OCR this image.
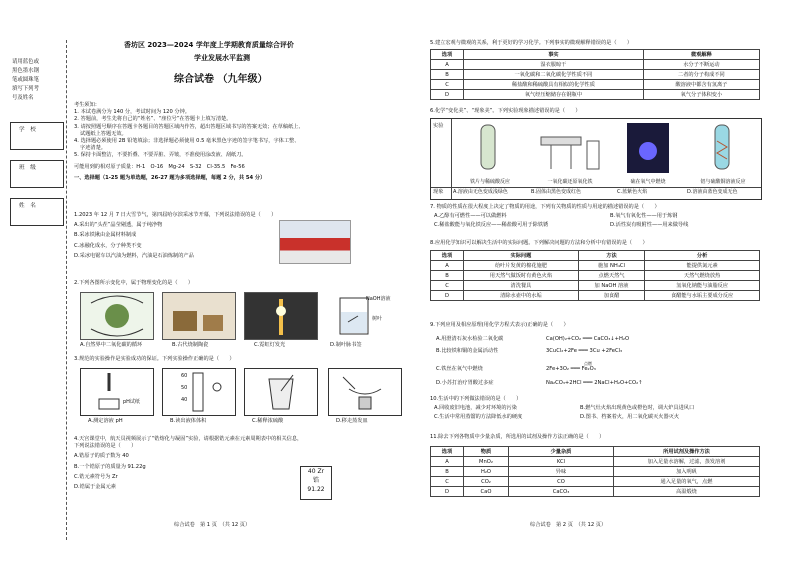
请用蓝色或
黑色墨水钢
笔或圆珠笔
填写下列考
号及姓名
学　校
班　级
姓　名
香坊区 2023—2024 学年度上学期教育质量综合评价
学业发展水平监测
综合试卷 （九年级）
考生须知：
1. 本试卷满分为 140 分，考试时间为 120 分钟。
2. 答题前，考生先将自己的“姓名”、“座位号”在答题卡上填写清楚。
3. 请按照题号顺序在答题卡各题目的答题区域内作答，超出答题区域书写的答案无效；在草稿纸上、
试题纸上答题无效。
4. 选择题必须使用 2B 铅笔填涂；非选择题必须使用 0.5 毫米黑色字迹的签字笔书写，字体工整、
字迹清楚。
5. 保持卡面整洁，不要折叠、不要弄脏、弄皱，不准使用涂改液、刮纸刀。
可能用到的相对原子质量：H-1　O-16　Mg-24　S-32　Cl-35.5　Fe-56
一、选择题（1-25 题为单选题，26-27 题为多项选择题，每题 2 分，共 54 分）
1.2023 年 12 月 7 日大雪节气，第四届哈尔滨采冰节开幕，下列说法错误的是（　　）
A.采出的“头茬”晶莹剔透，属于纯净物
B.采冰铁锹由金属材料制成
C.冰融化成水，分子种类不变
D.采冰电锯车以汽油为燃料，汽油是石油炼制的产品
2.下列各图所示变化中，属于物理变化的是（　　）
NaOH溶液
树叶
A.自然界中二氧化碳的循环	B.古代烧制陶瓷	C.霓虹灯发光	D.制叶脉书签
3.规范的实验操作是实验成功的保证。下列实验操作正确的是（　　）
pH试纸
60
50
40
A.测定溶液 pH	B.读出液体体积	C.稀释浓硫酸	D.移走蒸发皿
4.天宫课堂中，航天员视频展示了“锆熔化与凝固”实验，请根据锆元素在元素周期表中的相关信息，
下列说法错误的是（　　）
A.锆原子的质子数为 40
B.一个锆原子的质量为 91.22g
C.锆元素符号为 Zr
D.锆属于金属元素
40 Zr
锆
91.22
综合试卷　第 1 页　（共 12 页）
5.建立宏观与微观的关系，利于更好的学习化学。下列事实的微观解释错误的是（　　）
选项	事实	微观解释
A	湿衣服晾干	水分子不断运动
B	一氧化碳和二氧化碳化学性质不同	二者的分子构成不同
C	稀盐酸和稀硫酸具有相似的化学性质	酸溶液中都含有氢离子
D	氧气经压缩储存在钢瓶中	氧气分子体积变小
6.化学“变化美”、“现象美”。下列实验现象描述错误的是（　　）
实验
现象
铁片与稀硫酸反应	一氧化碳还原氧化铁	硫在氧气中燃烧	铝与硫酸铜溶液反应
A.溶液由无色变成浅绿色	B.固体由黑色变成红色	C.蓝紫色火焰	D.溶液由蓝色变成无色
7. 物质的性质在很大程度上决定了物质的用途，下列有关物质的性质与用途的描述错误的是（　　）
A.乙醇有可燃性——可以做燃料	B.氧气有氧化性——用于炼钢
C.稀盐酸能与氧化铁反应——稀盐酸可用于除铁锈	D.活性炭有吸附性——用来做导线
8.应用化学知识可以解决生活中的实际问题。下列解决问题的方法和分析中有错误的是（　　）
选项	实际问题	方法	分析
A	给叶片发黄的棉花施肥	施加 NH₄Cl	能提供氮元素
B	用天然气做饭时有黄色火焰	点燃天然气	天然气燃烧放热
C	清洗餐具	加 NaOH 溶液	氢氧化钠能与油脂反应
D	清除水壶中的水垢	加食醋	食醋能与水垢主要成分反应
9.下列应用及相应原理(用化学方程式表示)正确的是（　　）
A.用澄清石灰水检验二氧化碳	Ca(OH)₂+CO₂ ═══ CaCO₃↓+H₂O
B.比较铁和铜的金属活动性	3CuCl₂+2Fe ═══ 3Cu +2FeCl₃
点燃
C.铁丝在氧气中燃烧	2Fe+3O₂ ═══ Fe₂O₃
D.小苏打治疗胃酸过多症	Na₂CO₃+2HCl ═══ 2NaCl+H₂O+CO₂↑
10.生活中的下列做法错误的是（　　）
A.回收废旧电池，减少对环境的污染	B.燃气灶火焰出现黄色或橙色时，调大炉具进风口
C.生活中常用蒸馏的方法降低水的硬度	D.图书、档案着火，用二氧化碳灭火器灭火
11.除去下列各物质中少量杂质，所选用的试剂及操作方法正确的是（　　）
选项	物质	少量杂质	所用试剂及操作方法
A	MnO₂	KCl	加入足量水溶解，过滤，蒸发溶剂
B	H₂O	异味	加入明矾
C	CO₂	CO	通入足量的氧气，点燃
D	CaO	CaCO₃	高温煅烧
综合试卷　第 2 页　（共 12 页）
